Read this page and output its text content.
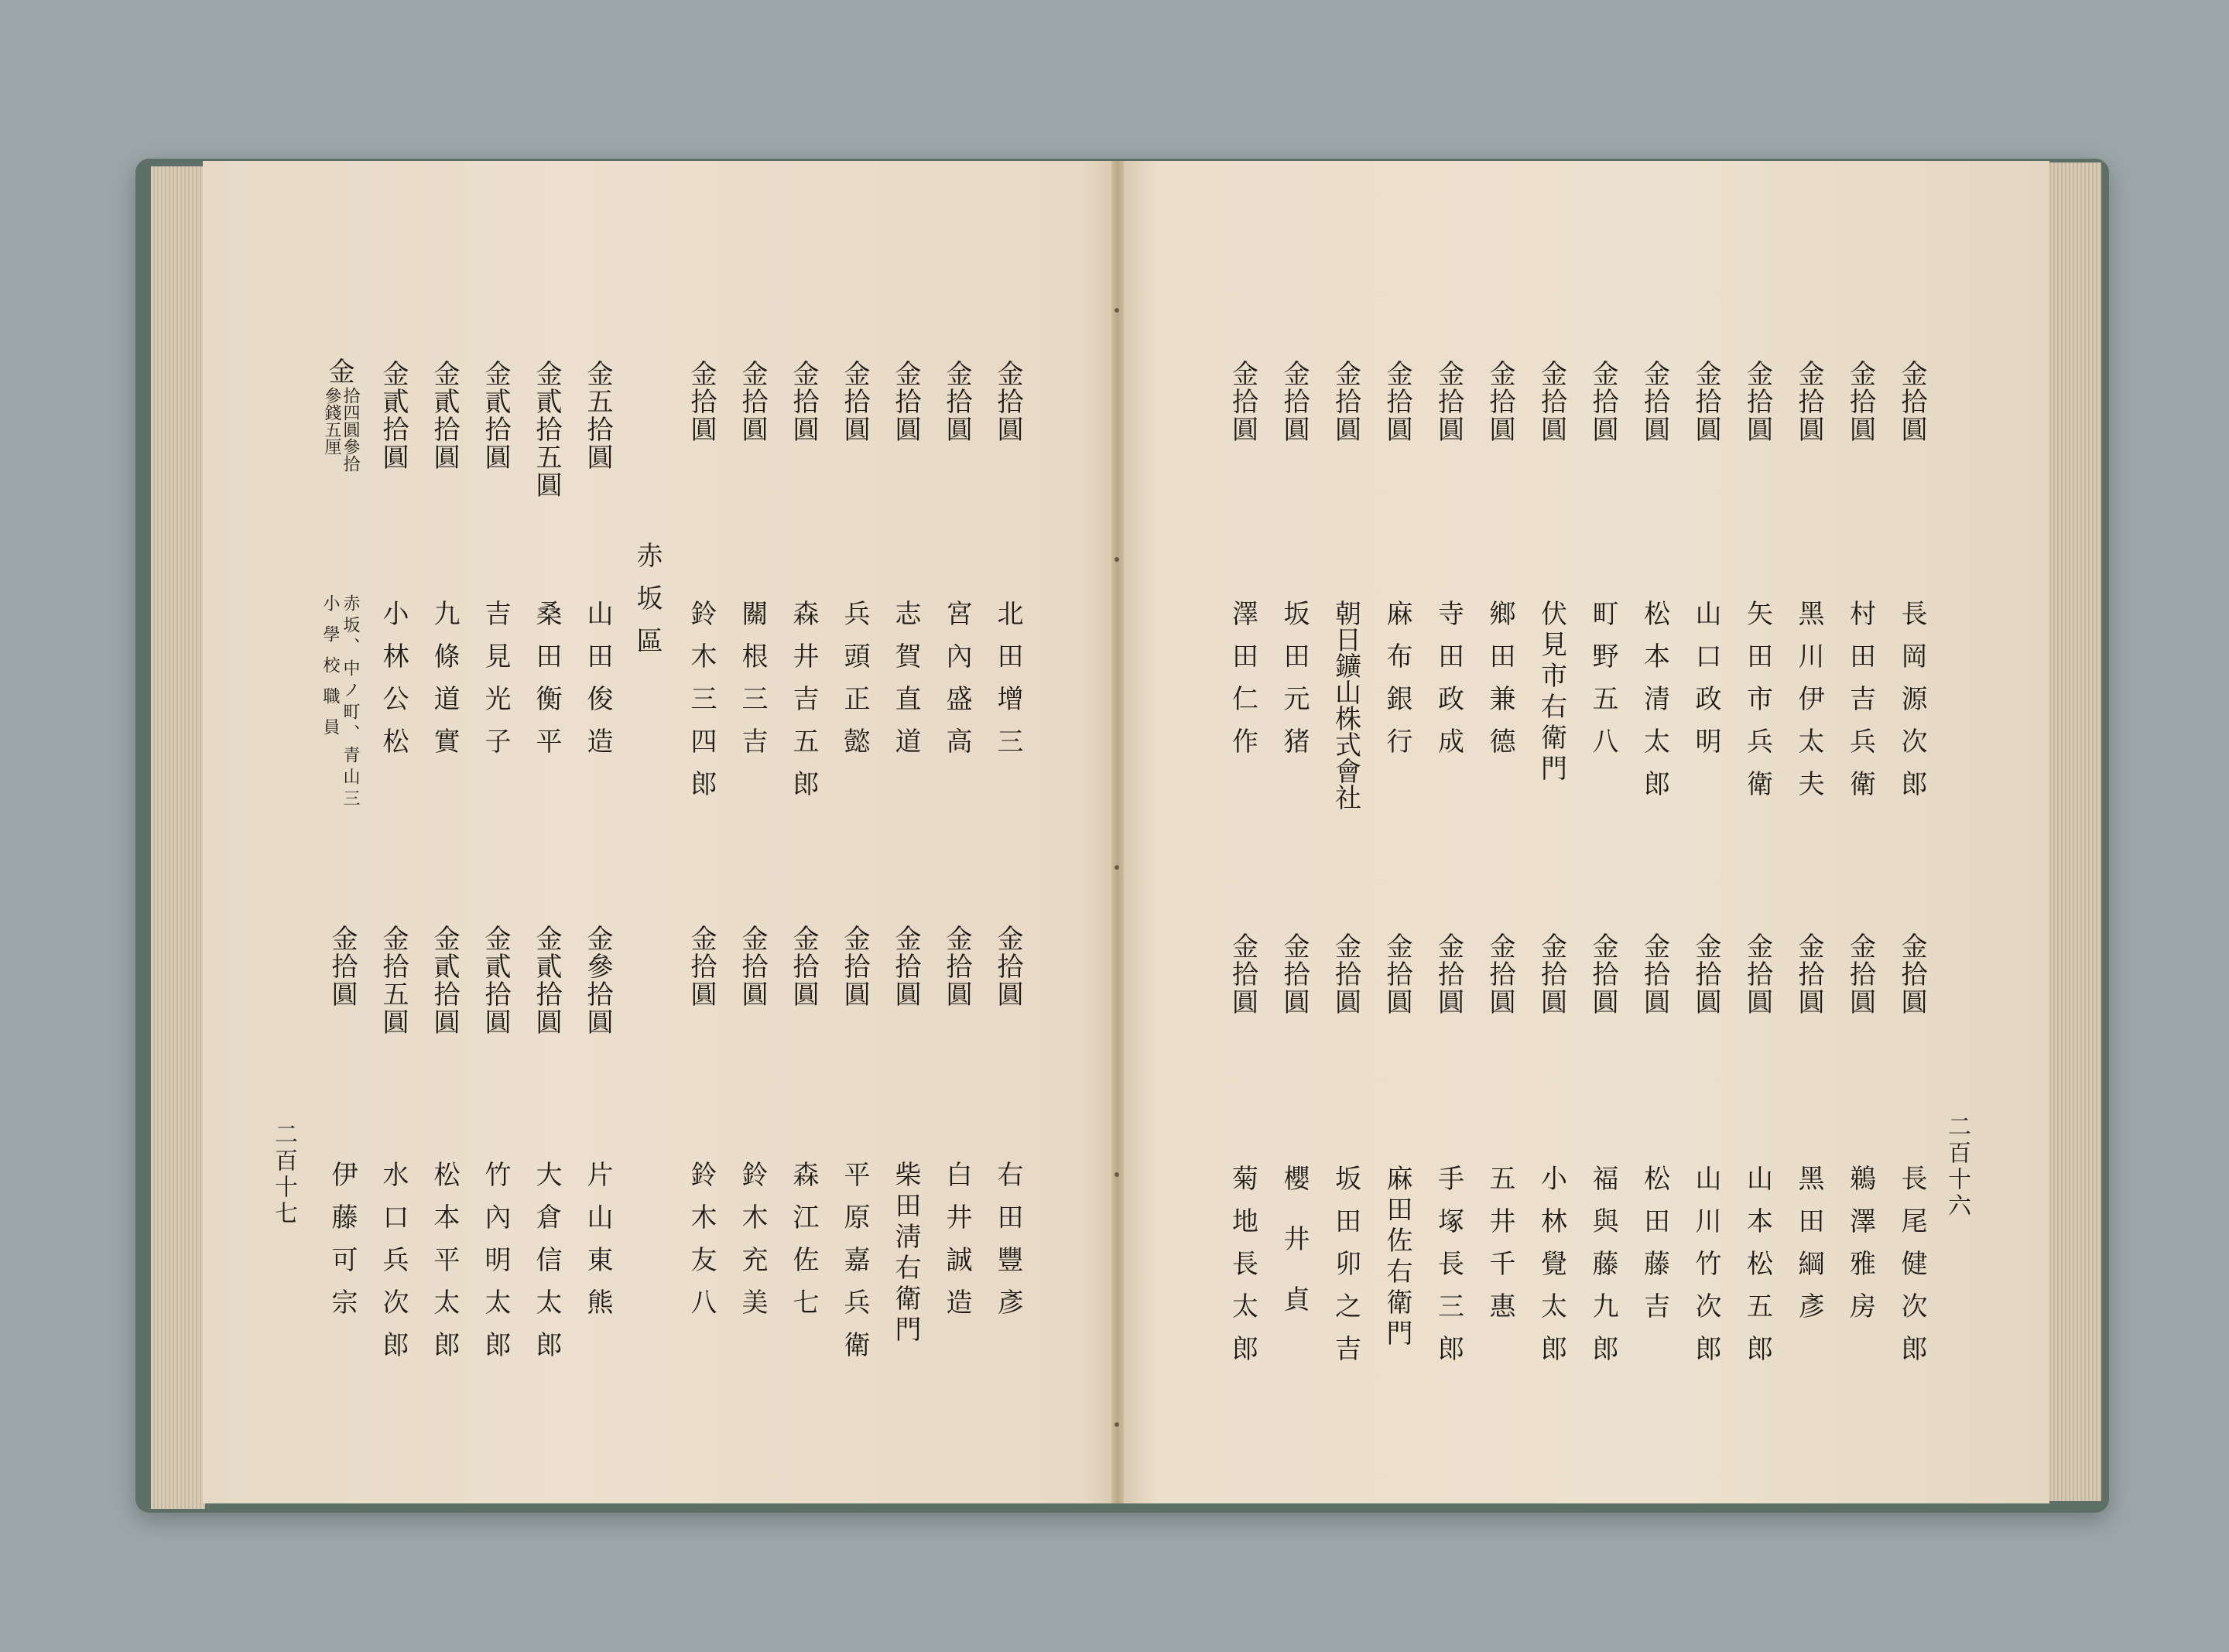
二百十六
金拾圓
長岡源次郎
金拾圓
村田吉兵衛
金拾圓
黑川伊太夫
金拾圓
矢田市兵衛
金拾圓
山口政明
金拾圓
松本清太郎
金拾圓
町野五八
金拾圓
伏見市右衛門
金拾圓
鄉田兼德
金拾圓
寺田政成
金拾圓
麻布銀行
金拾圓
朝日鑛山株式會社
金拾圓
坂田元猪
金拾圓
澤田仁作
金拾圓
長尾健次郎
金拾圓
鵜澤雅房
金拾圓
黑田綱彥
金拾圓
山本松五郎
金拾圓
山川竹次郎
金拾圓
松田藤吉
金拾圓
福與藤九郎
金拾圓
小林覺太郎
金拾圓
五井千惠
金拾圓
手塚長三郎
金拾圓
麻田佐右衛門
金拾圓
坂田卯之吉
金拾圓
櫻井貞
金拾圓
菊地長太郎
二百十七
赤坂區
金拾圓
北田增三
金拾圓
宮內盛高
金拾圓
志賀直道
金拾圓
兵頭正懿
金拾圓
森井吉五郎
金拾圓
關根三吉
金拾圓
鈴木三四郎
金五拾圓
山田俊造
金貳拾五圓
桑田衡平
金貳拾圓
吉見光子
金貳拾圓
九條道實
金貳拾圓
小林公松
金拾圓
右田豐彥
金拾圓
白井誠造
金拾圓
柴田淸右衛門
金拾圓
平原嘉兵衛
金拾圓
森江佐七
金拾圓
鈴木充美
金拾圓
鈴木友八
金參拾圓
片山東熊
金貳拾圓
大倉信太郎
金貳拾圓
竹內明太郎
金貳拾圓
松本平太郎
金拾五圓
水口兵次郎
金拾圓
伊藤可宗
金
拾四圓參拾
參錢五厘
赤坂、中ノ町、青山三
小學校職員
